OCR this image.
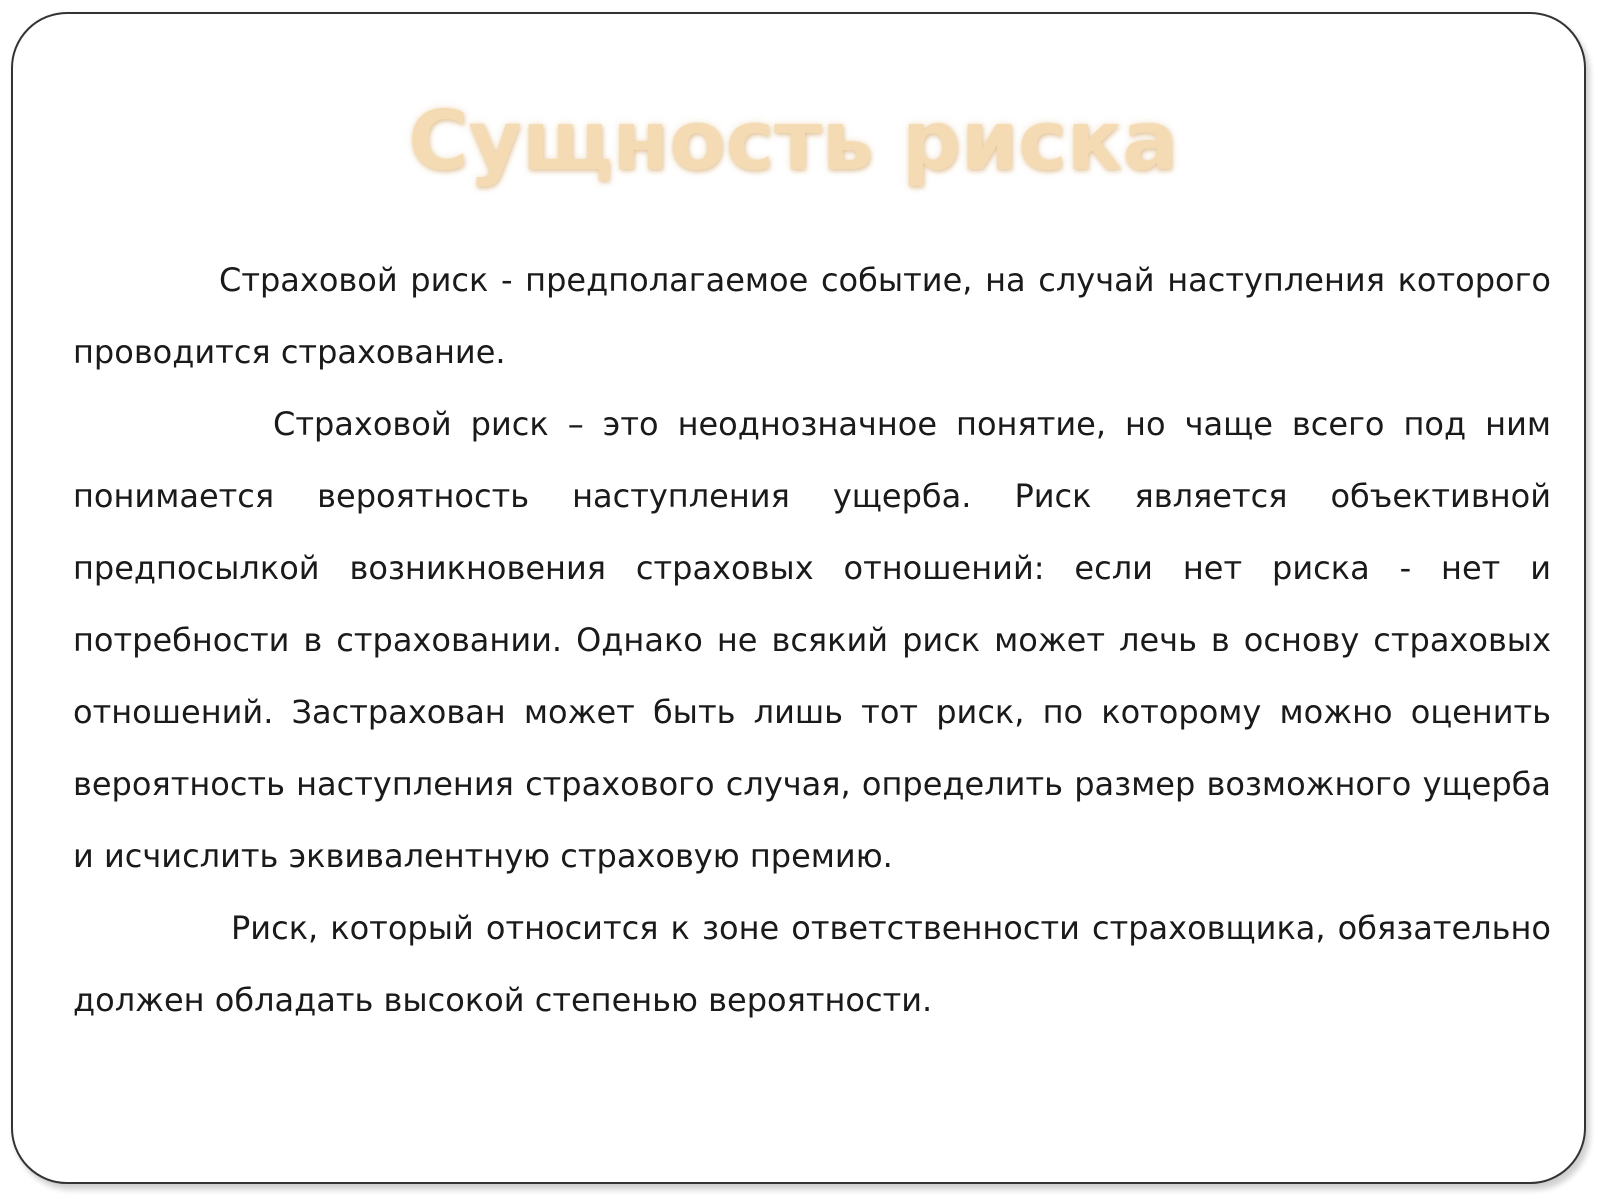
Сущность риска

Страховой риск - предполагаемое событие, на случай наступления которого проводится страхование.

Страховой риск – это неоднозначное понятие, но чаще всего под ним понимается вероятность наступления ущерба. Риск является объективной предпосылкой возникновения страховых отношений: если нет риска - нет и потребности в страховании. Однако не всякий риск может лечь в основу страховых отношений. Застрахован может быть лишь тот риск, по которому можно оценить вероятность наступления страхового случая, определить размер возможного ущерба и исчислить эквивалентную страховую премию.

Риск, который относится к зоне ответственности страховщика, обязательно должен обладать высокой степенью вероятности.
